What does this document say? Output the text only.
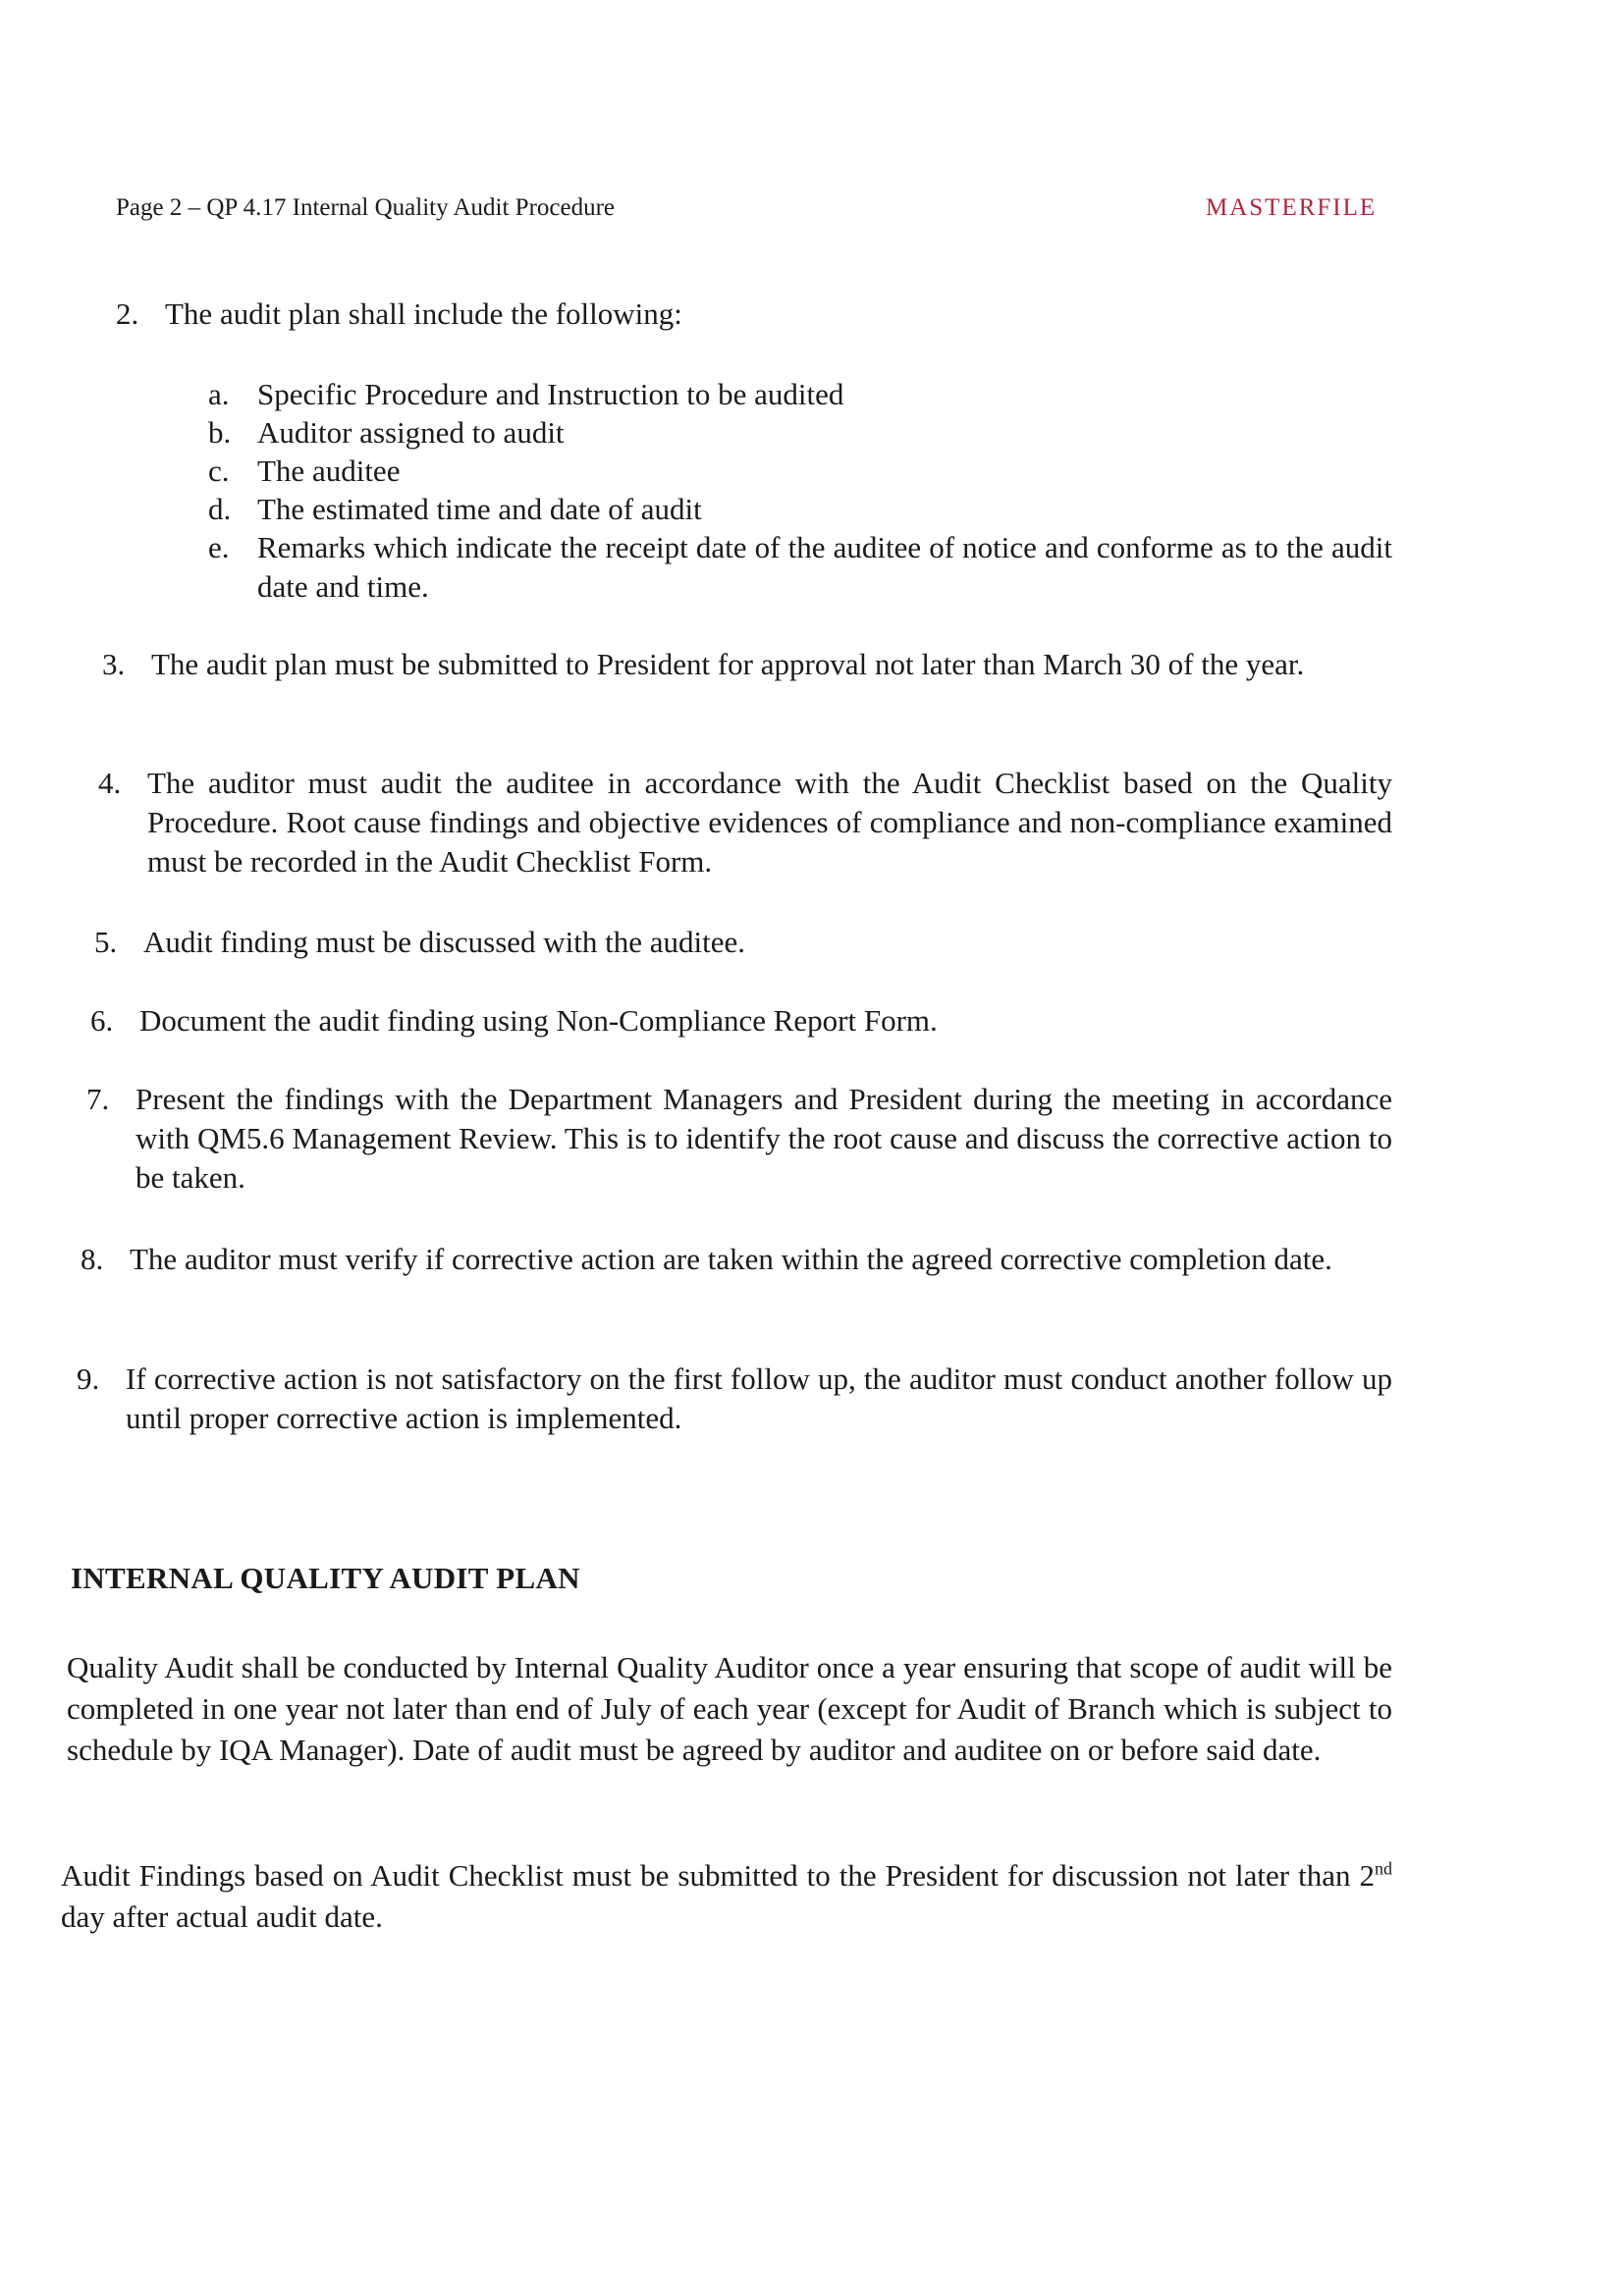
Page 2 – QP 4.17 Internal Quality Audit Procedure	MASTERFILE
2. The audit plan shall include the following:
a. Specific Procedure and Instruction to be audited
b. Auditor assigned to audit
c. The auditee
d. The estimated time and date of audit
e. Remarks which indicate the receipt date of the auditee of notice and conforme as to the audit date and time.
3. The audit plan must be submitted to President for approval not later than March 30 of the year.
4. The auditor must audit the auditee in accordance with the Audit Checklist based on the Quality Procedure. Root cause findings and objective evidences of compliance and non-compliance examined must be recorded in the Audit Checklist Form.
5. Audit finding must be discussed with the auditee.
6. Document the audit finding using Non-Compliance Report Form.
7. Present the findings with the Department Managers and President during the meeting in accordance with QM5.6 Management Review. This is to identify the root cause and discuss the corrective action to be taken.
8. The auditor must verify if corrective action are taken within the agreed corrective completion date.
9. If corrective action is not satisfactory on the first follow up, the auditor must conduct another follow up until proper corrective action is implemented.
INTERNAL QUALITY AUDIT PLAN
Quality Audit shall be conducted by Internal Quality Auditor once a year ensuring that scope of audit will be completed in one year not later than end of July of each year (except for Audit of Branch which is subject to schedule by IQA Manager). Date of audit must be agreed by auditor and auditee on or before said date.
Audit Findings based on Audit Checklist must be submitted to the President for discussion not later than 2nd day after actual audit date.
